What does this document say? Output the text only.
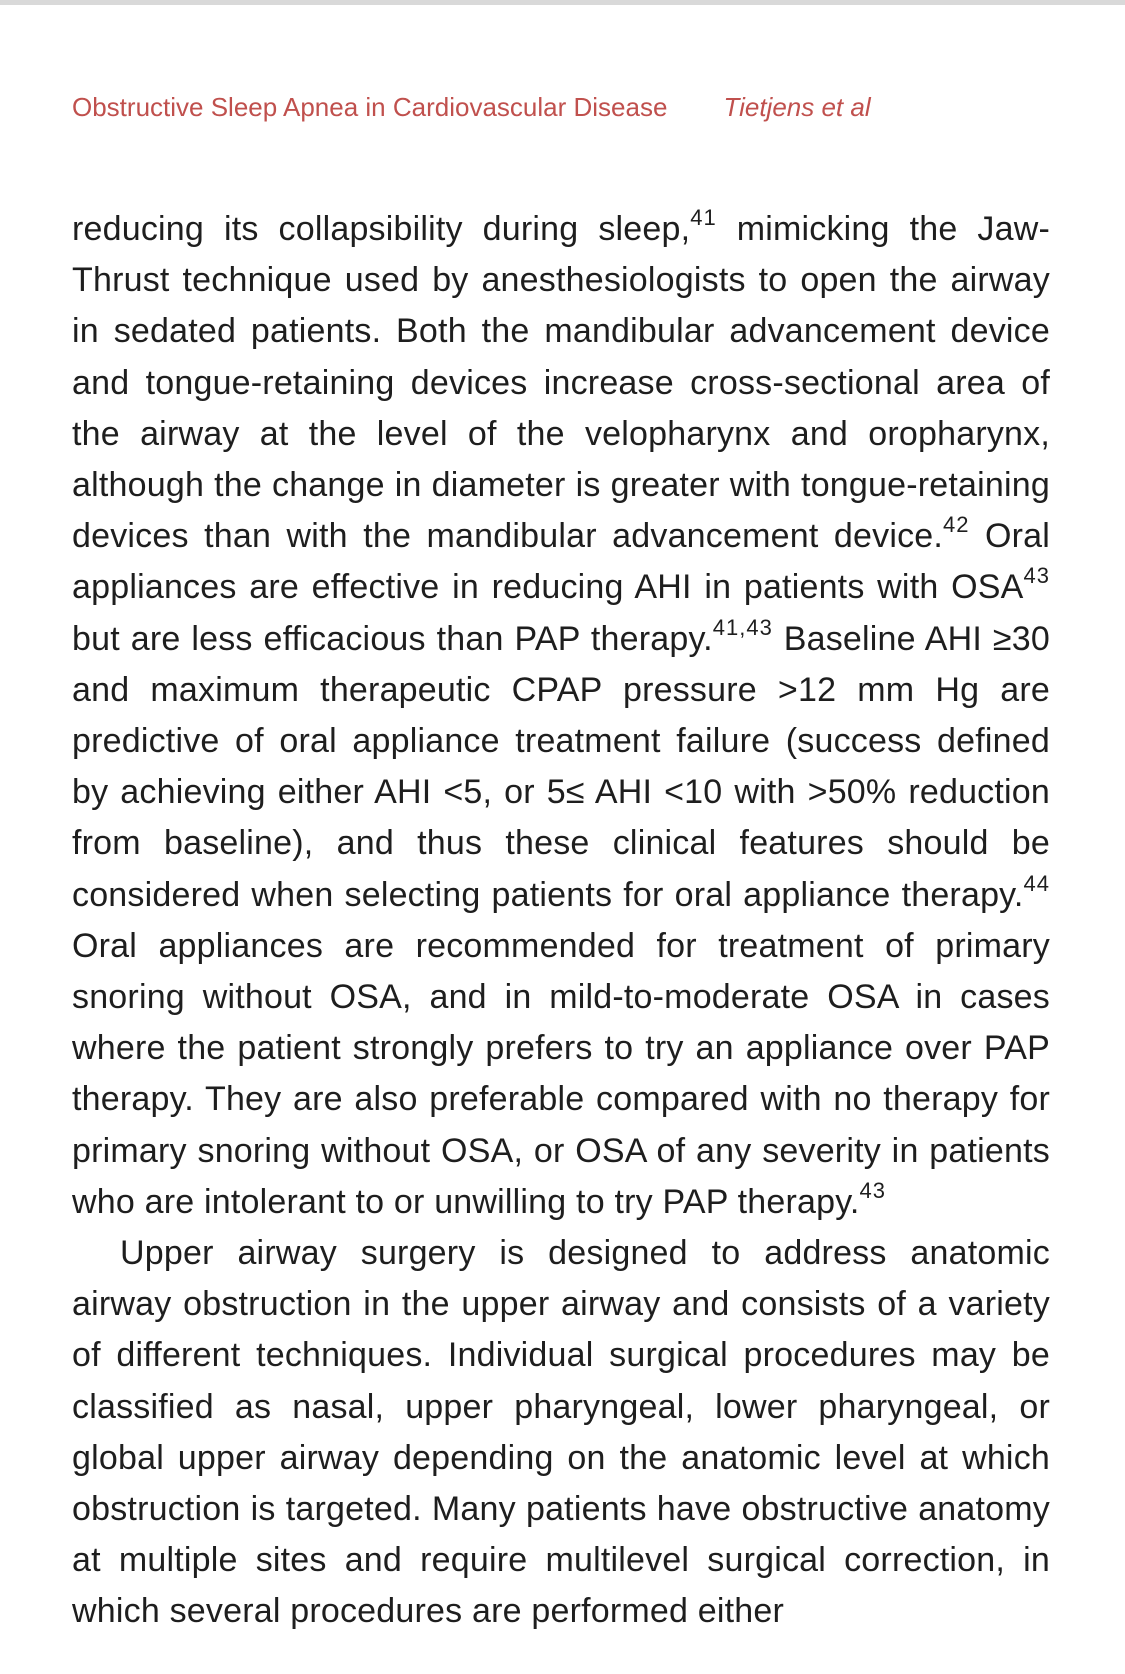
Obstructive Sleep Apnea in Cardiovascular Disease Tietjens et al

reducing its collapsibility during sleep,$^{41}$ mimicking the Jaw-Thrust technique used by anesthesiologists to open the airway in sedated patients. Both the mandibular advancement device and tongue-retaining devices increase cross-sectional area of the airway at the level of the velopharynx and oropharynx, although the change in diameter is greater with tongue-retaining devices than with the mandibular advancement device.$^{42}$ Oral appliances are effective in reducing AHI in patients with OSA$^{43}$ but are less efficacious than PAP therapy.$^{41,43}$ Baseline AHI ≥30 and maximum therapeutic CPAP pressure >12 mm Hg are predictive of oral appliance treatment failure (success defined by achieving either AHI <5, or 5≤ AHI <10 with >50% reduction from baseline), and thus these clinical features should be considered when selecting patients for oral appliance therapy.$^{44}$ Oral appliances are recommended for treatment of primary snoring without OSA, and in mild-to-moderate OSA in cases where the patient strongly prefers to try an appliance over PAP therapy. They are also preferable compared with no therapy for primary snoring without OSA, or OSA of any severity in patients who are intolerant to or unwilling to try PAP therapy.$^{43}$

Upper airway surgery is designed to address anatomic airway obstruction in the upper airway and consists of a variety of different techniques. Individual surgical procedures may be classified as nasal, upper pharyngeal, lower pharyngeal, or global upper airway depending on the anatomic level at which obstruction is targeted. Many patients have obstructive anatomy at multiple sites and require multilevel surgical correction, in which several procedures are performed either
